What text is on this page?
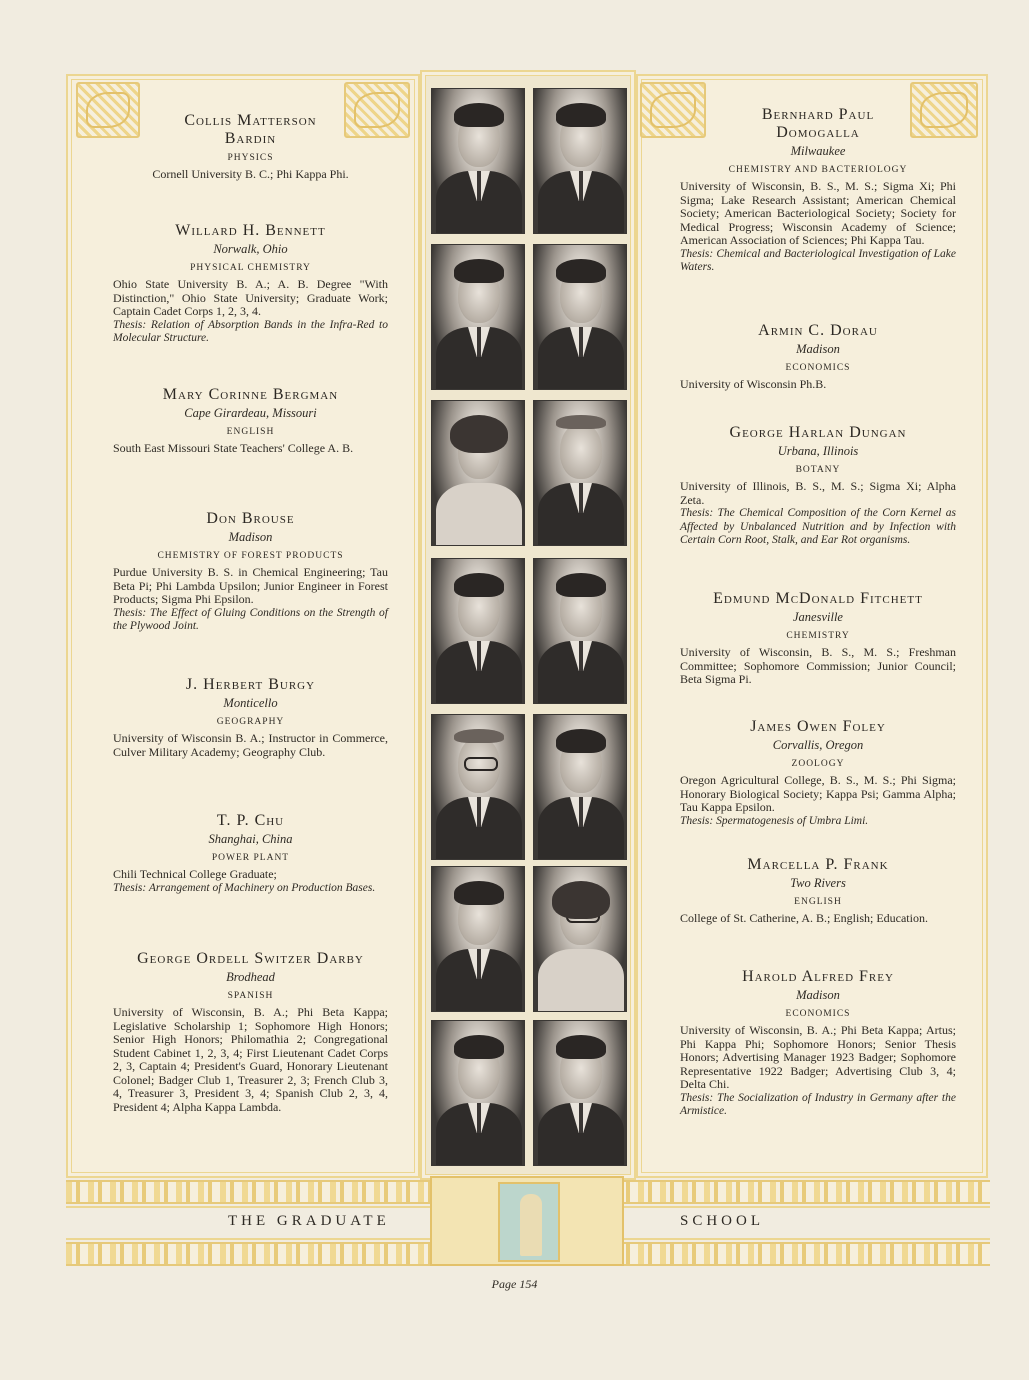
Collis Matterson Bardin
PHYSICS
Cornell University B. C.; Phi Kappa Phi.
Willard H. Bennett
Norwalk, Ohio
PHYSICAL CHEMISTRY
Ohio State University B. A.; A. B. Degree "With Distinction," Ohio State University; Graduate Work; Captain Cadet Corps 1, 2, 3, 4.
Thesis: Relation of Absorption Bands in the Infra-Red to Molecular Structure.
Mary Corinne Bergman
Cape Girardeau, Missouri
ENGLISH
South East Missouri State Teachers' College A. B.
Don Brouse
Madison
CHEMISTRY OF FOREST PRODUCTS
Purdue University B. S. in Chemical Engineering; Tau Beta Pi; Phi Lambda Upsilon; Junior Engineer in Forest Products; Sigma Phi Epsilon.
Thesis: The Effect of Gluing Conditions on the Strength of the Plywood Joint.
J. Herbert Burgy
Monticello
GEOGRAPHY
University of Wisconsin B. A.; Instructor in Commerce, Culver Military Academy; Geography Club.
T. P. Chu
Shanghai, China
POWER PLANT
Chili Technical College Graduate;
Thesis: Arrangement of Machinery on Production Bases.
George Ordell Switzer Darby
Brodhead
SPANISH
University of Wisconsin, B. A.; Phi Beta Kappa; Legislative Scholarship 1; Sophomore High Honors; Senior High Honors; Philomathia 2; Congregational Student Cabinet 1, 2, 3, 4; First Lieutenant Cadet Corps 2, 3, Captain 4; President's Guard, Honorary Lieutenant Colonel; Badger Club 1, Treasurer 2, 3; French Club 3, 4, Treasurer 3, President 3, 4; Spanish Club 2, 3, 4, President 4; Alpha Kappa Lambda.
Bernhard Paul Domogalla
Milwaukee
CHEMISTRY AND BACTERIOLOGY
University of Wisconsin, B. S., M. S.; Sigma Xi; Phi Sigma; Lake Research Assistant; American Chemical Society; American Bacteriological Society; Society for Medical Progress; Wisconsin Academy of Science; American Association of Sciences; Phi Kappa Tau.
Thesis: Chemical and Bacteriological Investigation of Lake Waters.
Armin C. Dorau
Madison
ECONOMICS
University of Wisconsin Ph.B.
George Harlan Dungan
Urbana, Illinois
BOTANY
University of Illinois, B. S., M. S.; Sigma Xi; Alpha Zeta.
Thesis: The Chemical Composition of the Corn Kernel as Affected by Unbalanced Nutrition and by Infection with Certain Corn Root, Stalk, and Ear Rot organisms.
Edmund McDonald Fitchett
Janesville
CHEMISTRY
University of Wisconsin, B. S., M. S.; Freshman Committee; Sophomore Commission; Junior Council; Beta Sigma Pi.
James Owen Foley
Corvallis, Oregon
ZOOLOGY
Oregon Agricultural College, B. S., M. S.; Phi Sigma; Honorary Biological Society; Kappa Psi; Gamma Alpha; Tau Kappa Epsilon.
Thesis: Spermatogenesis of Umbra Limi.
Marcella P. Frank
Two Rivers
ENGLISH
College of St. Catherine, A. B.; English; Education.
Harold Alfred Frey
Madison
ECONOMICS
University of Wisconsin, B. A.; Phi Beta Kappa; Artus; Phi Kappa Phi; Sophomore Honors; Senior Thesis Honors; Advertising Manager 1923 Badger; Sophomore Representative 1922 Badger; Advertising Club 3, 4; Delta Chi.
Thesis: The Socialization of Industry in Germany after the Armistice.
THE GRADUATE	SCHOOL
Page 154
